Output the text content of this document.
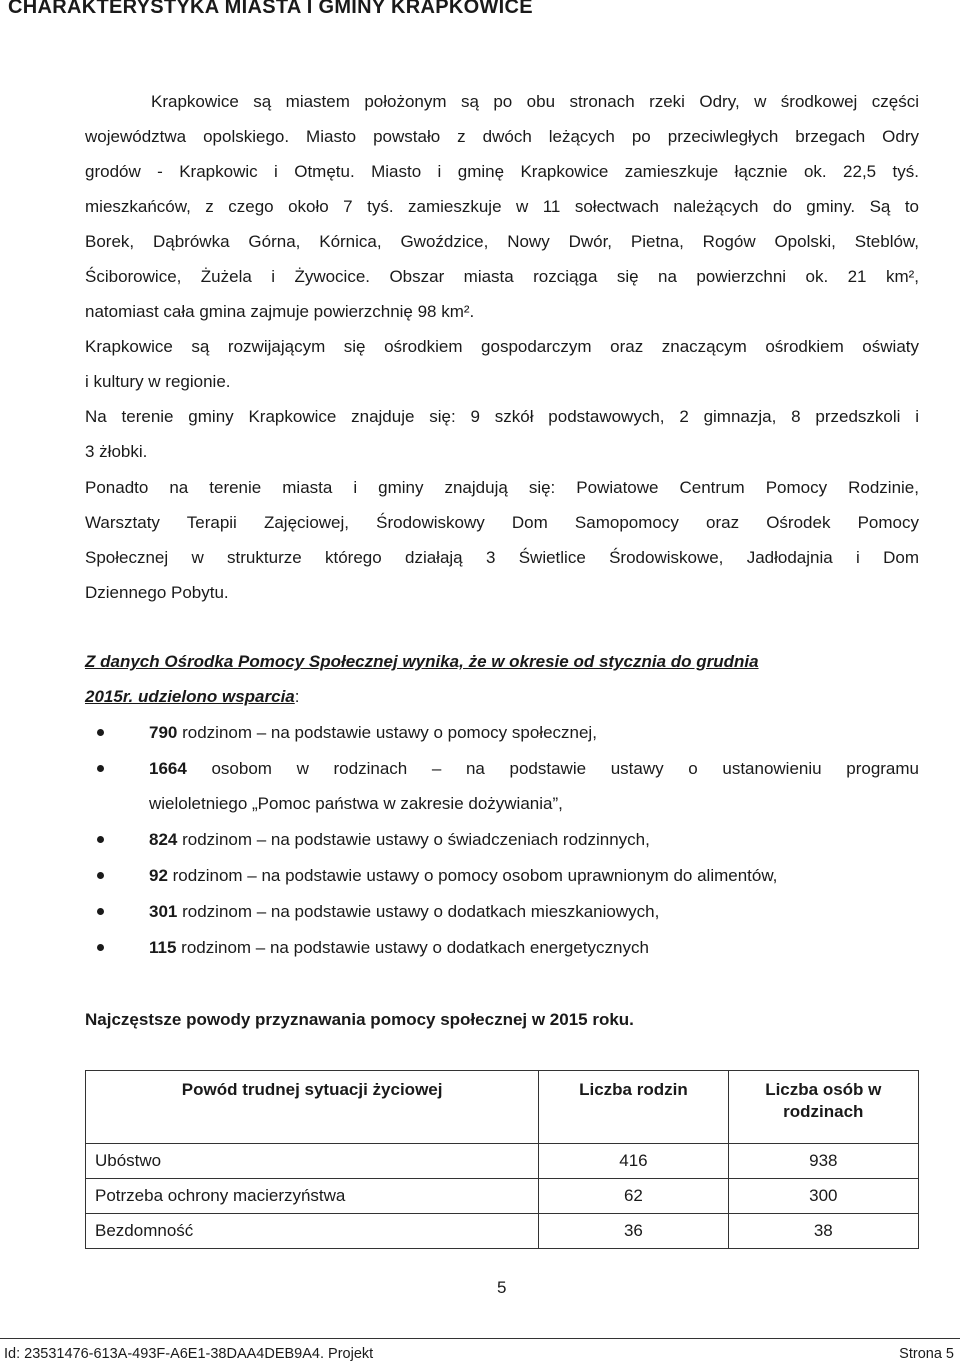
CHARAKTERYSTYKA MIASTA I GMINY KRAPKOWICE

Krapkowice są miastem położonym są po obu stronach rzeki Odry, w środkowej części

województwa opolskiego. Miasto powstało z dwóch leżących po przeciwległych brzegach Odry

grodów - Krapkowic i Otmętu. Miasto i gminę Krapkowice zamieszkuje łącznie ok. 22,5 tyś.

mieszkańców, z czego około 7 tyś. zamieszkuje w 11 sołectwach należących do gminy. Są to

Borek, Dąbrówka Górna, Kórnica, Gwoździce, Nowy Dwór, Pietna, Rogów Opolski, Steblów,

Ściborowice, Żużela i Żywocice. Obszar miasta rozciąga się na powierzchni ok. 21 km²,

natomiast cała gmina zajmuje powierzchnię 98 km².

Krapkowice są rozwijającym się ośrodkiem gospodarczym oraz znaczącym ośrodkiem oświaty

i kultury w regionie.

Na terenie gminy Krapkowice znajduje się: 9 szkół podstawowych, 2 gimnazja, 8 przedszkoli i

3 żłobki.

Ponadto na terenie miasta i gminy znajdują się: Powiatowe Centrum Pomocy Rodzinie,

Warsztaty Terapii Zajęciowej, Środowiskowy Dom Samopomocy oraz Ośrodek Pomocy

Społecznej w strukturze którego działają 3 Świetlice Środowiskowe, Jadłodajnia i Dom

Dziennego Pobytu.

Z danych Ośrodka Pomocy Społecznej wynika, że w okresie od stycznia do grudnia
2015r. udzielono wsparcia:
790 rodzinom – na podstawie ustawy o pomocy społecznej,
1664 osobom w rodzinach – na podstawie ustawy o ustanowieniu programu
wieloletniego „Pomoc państwa w zakresie dożywiania”,
824 rodzinom – na podstawie ustawy o świadczeniach rodzinnych,
92 rodzinom – na podstawie ustawy o pomocy osobom uprawnionym do alimentów,
301 rodzinom – na podstawie ustawy o dodatkach mieszkaniowych,
115 rodzinom – na podstawie ustawy o dodatkach energetycznych

Najczęstsze powody przyznawania pomocy społecznej w 2015 roku.

Powód trudnej sytuacji życiowej	Liczba rodzin	Liczba osób w rodzinach
Ubóstwo	416	938
Potrzeba ochrony macierzyństwa	62	300
Bezdomność	36	38
5
Id: 23531476-613A-493F-A6E1-38DAA4DEB9A4. Projekt	Strona 5
